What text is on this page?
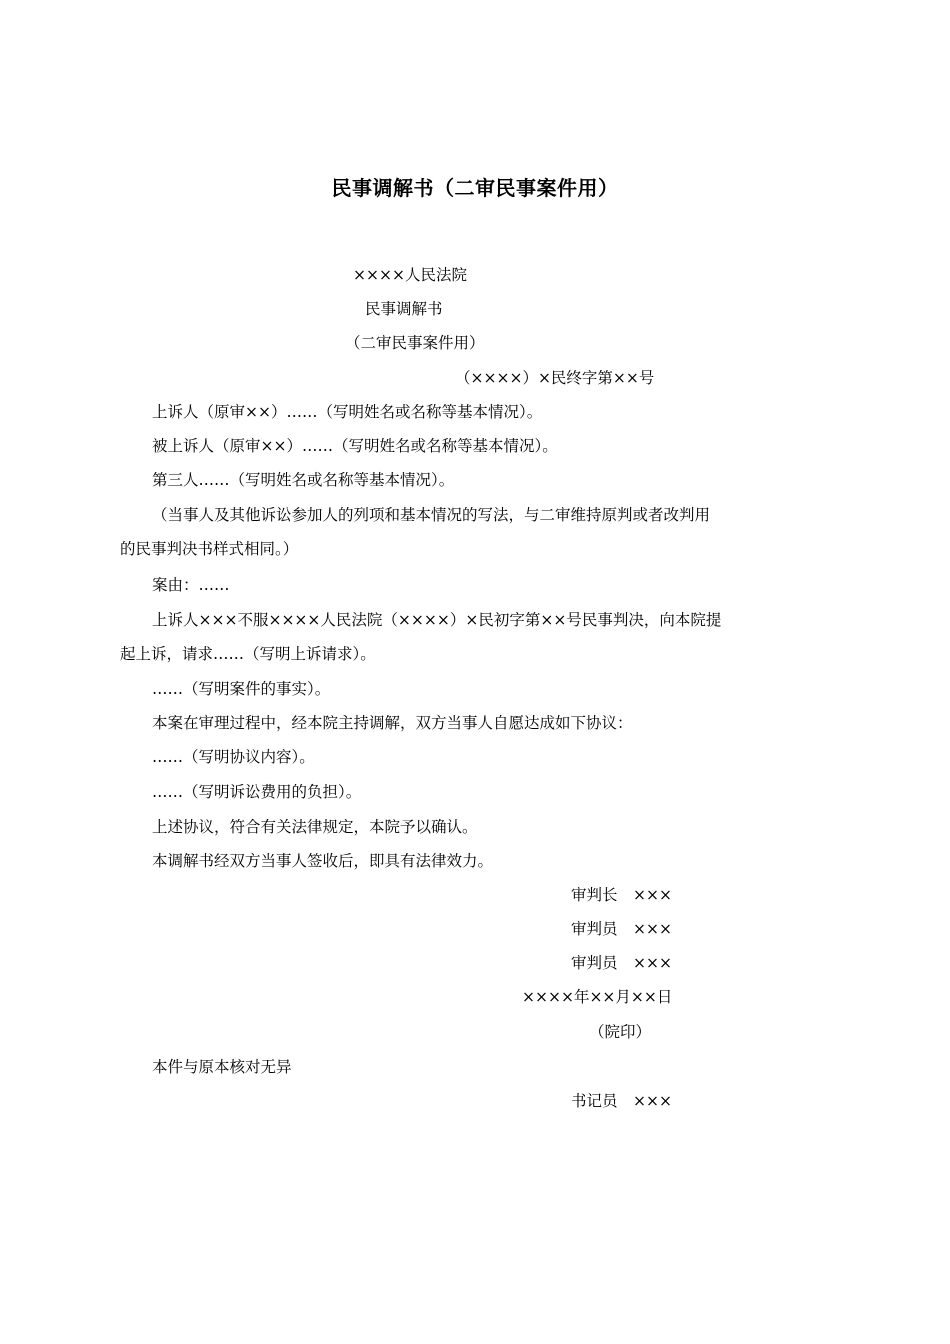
民事调解书（二审民事案件用）
××××人民法院
民事调解书
（二审民事案件用）
（××××）×民终字第××号
上诉人（原审××）……（写明姓名或名称等基本情况）。
被上诉人（原审××）……（写明姓名或名称等基本情况）。
第三人……（写明姓名或名称等基本情况）。
（当事人及其他诉讼参加人的列项和基本情况的写法，与二审维持原判或者改判用的民事判决书样式相同。）
案由：……
上诉人×××不服××××人民法院（××××）×民初字第××号民事判决，向本院提起上诉，请求……（写明上诉请求）。
……（写明案件的事实）。
本案在审理过程中，经本院主持调解，双方当事人自愿达成如下协议：
……（写明协议内容）。
……（写明诉讼费用的负担）。
上述协议，符合有关法律规定，本院予以确认。
本调解书经双方当事人签收后，即具有法律效力。
审判长　×××
审判员　×××
审判员　×××
××××年××月××日
（院印）
本件与原本核对无异
书记员　×××
